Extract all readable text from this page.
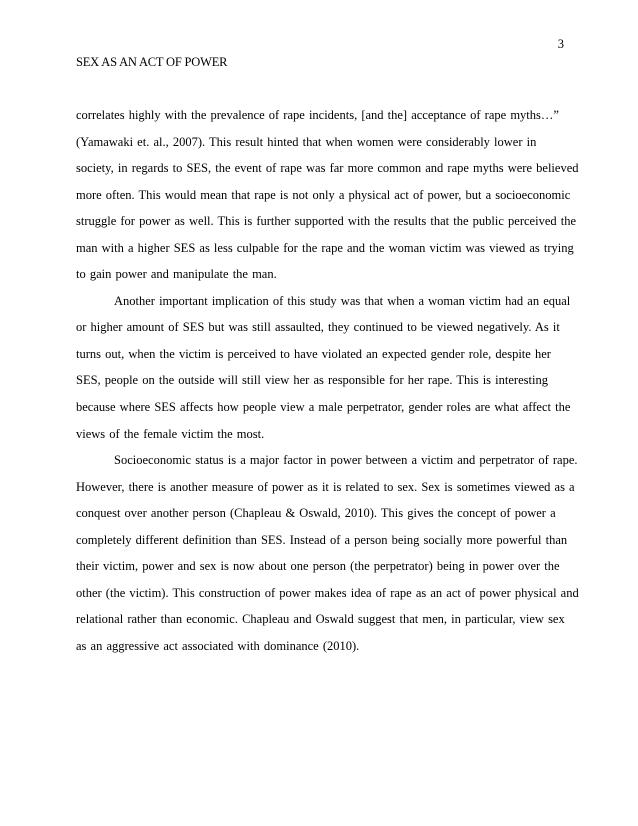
3
SEX AS AN ACT OF POWER

correlates highly with the prevalence of rape incidents, [and the] acceptance of rape myths…”
(Yamawaki et. al., 2007). This result hinted that when women were considerably lower in
society, in regards to SES, the event of rape was far more common and rape myths were believed
more often. This would mean that rape is not only a physical act of power, but a socioeconomic
struggle for power as well. This is further supported with the results that the public perceived the
man with a higher SES as less culpable for the rape and the woman victim was viewed as trying
to gain power and manipulate the man.

Another important implication of this study was that when a woman victim had an equal
or higher amount of SES but was still assaulted, they continued to be viewed negatively. As it
turns out, when the victim is perceived to have violated an expected gender role, despite her
SES, people on the outside will still view her as responsible for her rape. This is interesting
because where SES affects how people view a male perpetrator, gender roles are what affect the
views of the female victim the most.

Socioeconomic status is a major factor in power between a victim and perpetrator of rape.
However, there is another measure of power as it is related to sex. Sex is sometimes viewed as a
conquest over another person (Chapleau & Oswald, 2010). This gives the concept of power a
completely different definition than SES. Instead of a person being socially more powerful than
their victim, power and sex is now about one person (the perpetrator) being in power over the
other (the victim). This construction of power makes idea of rape as an act of power physical and
relational rather than economic. Chapleau and Oswald suggest that men, in particular, view sex
as an aggressive act associated with dominance (2010).
